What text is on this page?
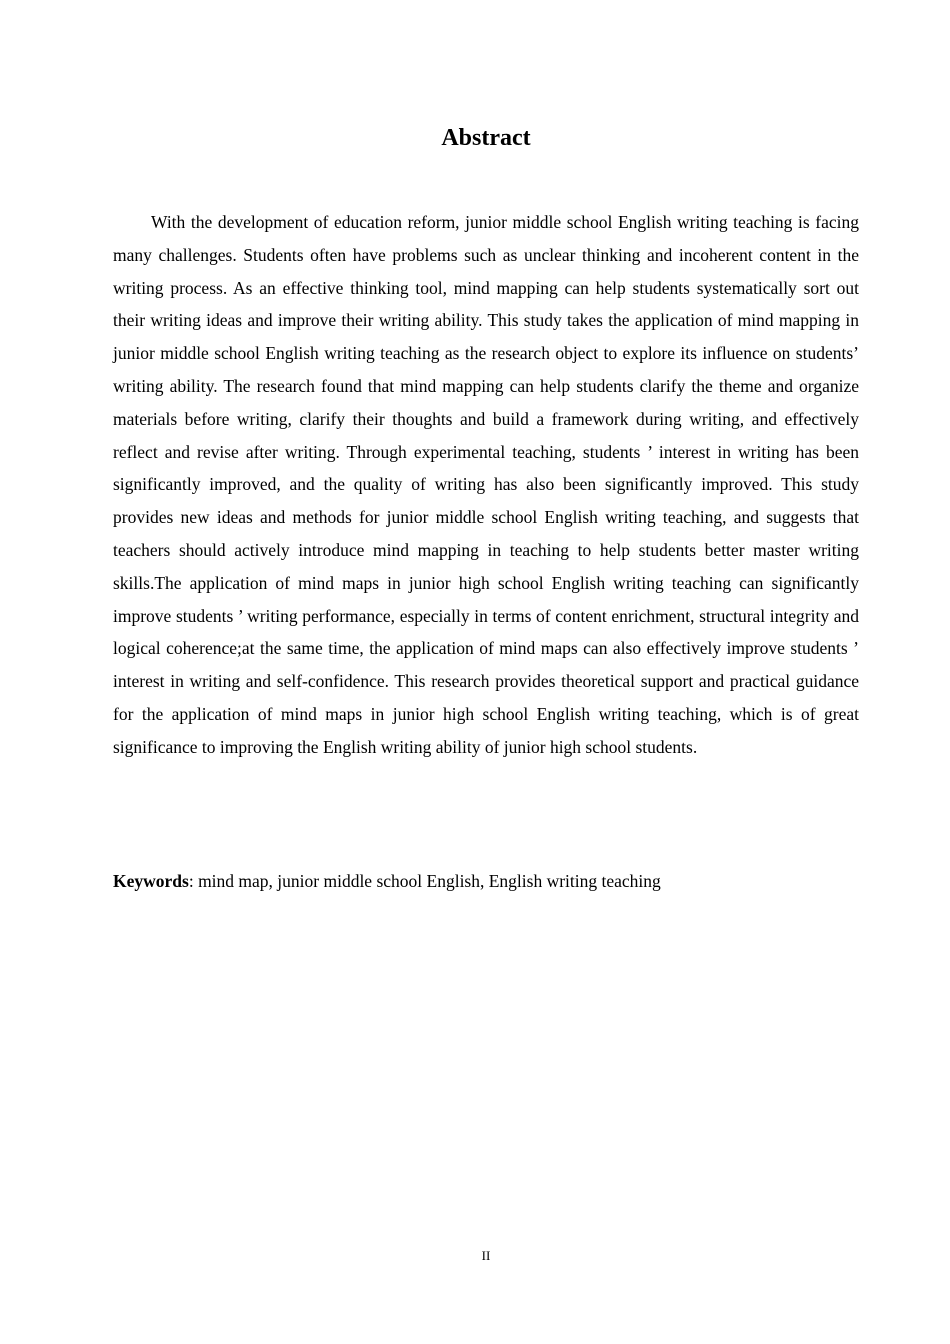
Abstract

With the development of education reform, junior middle school English writing teaching is facing many challenges. Students often have problems such as unclear thinking and incoherent content in the writing process. As an effective thinking tool, mind mapping can help students systematically sort out their writing ideas and improve their writing ability. This study takes the application of mind mapping in junior middle school English writing teaching as the research object to explore its influence on students’ writing ability. The research found that mind mapping can help students clarify the theme and organize materials before writing, clarify their thoughts and build a framework during writing, and effectively reflect and revise after writing. Through experimental teaching, students ’ interest in writing has been significantly improved, and the quality of writing has also been significantly improved. This study provides new ideas and methods for junior middle school English writing teaching, and suggests that teachers should actively introduce mind mapping in teaching to help students better master writing skills.The application of mind maps in junior high school English writing teaching can significantly improve students ’ writing performance, especially in terms of content enrichment, structural integrity and logical coherence;at the same time, the application of mind maps can also effectively improve students ’ interest in writing and self-confidence. This research provides theoretical support and practical guidance for the application of mind maps in junior high school English writing teaching, which is of great significance to improving the English writing ability of junior high school students.

Keywords: mind map, junior middle school English, English writing teaching

II
